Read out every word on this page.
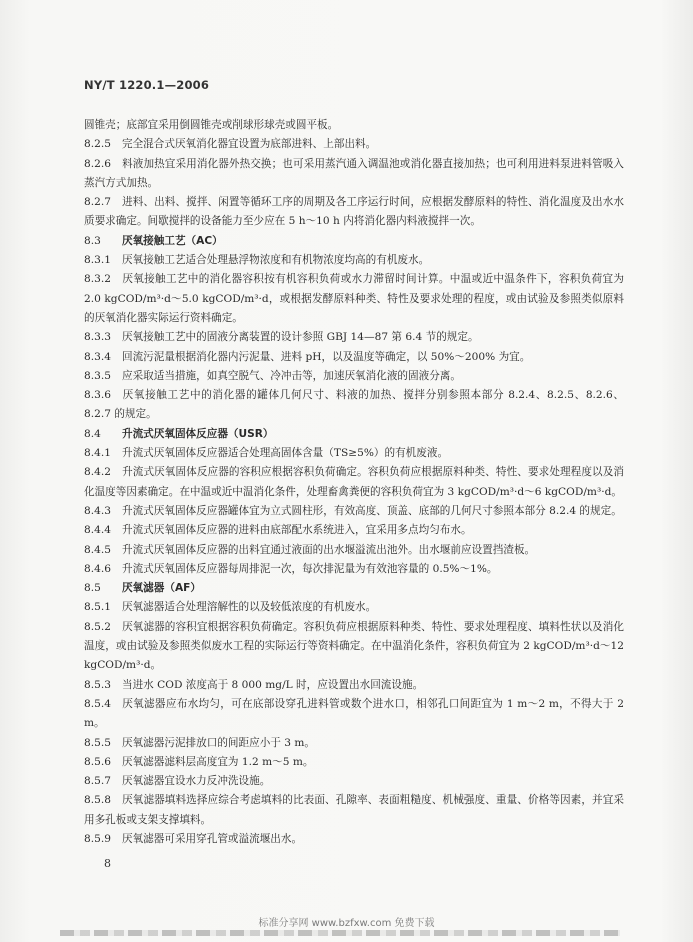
NY/T 1220.1—2006

圆锥壳；底部宜采用倒圆锥壳或削球形球壳或圆平板。

8.2.5 完全混合式厌氧消化器宜设置为底部进料、上部出料。

8.2.6 料液加热宜采用消化器外热交换；也可采用蒸汽通入调温池或消化器直接加热；也可利用进料泵进料管吸入蒸汽方式加热。

8.2.7 进料、出料、搅拌、闲置等循环工序的周期及各工序运行时间，应根据发酵原料的特性、消化温度及出水水质要求确定。间歇搅拌的设备能力至少应在 5 h～10 h 内将消化器内料液搅拌一次。

8.3 厌氧接触工艺（AC）

8.3.1 厌氧接触工艺适合处理悬浮物浓度和有机物浓度均高的有机废水。

8.3.2 厌氧接触工艺中的消化器容积按有机容积负荷或水力滞留时间计算。中温或近中温条件下，容积负荷宜为 2.0 kgCOD/m³·d～5.0 kgCOD/m³·d，或根据发酵原料种类、特性及要求处理的程度，或由试验及参照类似原料的厌氧消化器实际运行资料确定。

8.3.3 厌氧接触工艺中的固液分离装置的设计参照 GBJ 14—87 第 6.4 节的规定。

8.3.4 回流污泥量根据消化器内污泥量、进料 pH，以及温度等确定，以 50%～200% 为宜。

8.3.5 应采取适当措施，如真空脱气、冷冲击等，加速厌氧消化液的固液分离。

8.3.6 厌氧接触工艺中的消化器的罐体几何尺寸、料液的加热、搅拌分别参照本部分 8.2.4、8.2.5、8.2.6、8.2.7 的规定。

8.4 升流式厌氧固体反应器（USR）

8.4.1 升流式厌氧固体反应器适合处理高固体含量（TS≥5%）的有机废液。

8.4.2 升流式厌氧固体反应器的容积应根据容积负荷确定。容积负荷应根据原料种类、特性、要求处理程度以及消化温度等因素确定。在中温或近中温消化条件，处理畜禽粪便的容积负荷宜为 3 kgCOD/m³·d～6 kgCOD/m³·d。

8.4.3 升流式厌氧固体反应器罐体宜为立式圆柱形，有效高度、顶盖、底部的几何尺寸参照本部分 8.2.4 的规定。

8.4.4 升流式厌氧固体反应器的进料由底部配水系统进入，宜采用多点均匀布水。

8.4.5 升流式厌氧固体反应器的出料宜通过液面的出水堰溢流出池外。出水堰前应设置挡渣板。

8.4.6 升流式厌氧固体反应器每周排泥一次，每次排泥量为有效池容量的 0.5%～1%。

8.5 厌氧滤器（AF）

8.5.1 厌氧滤器适合处理溶解性的以及较低浓度的有机废水。

8.5.2 厌氧滤器的容积宜根据容积负荷确定。容积负荷应根据原料种类、特性、要求处理程度、填料性状以及消化温度，或由试验及参照类似废水工程的实际运行等资料确定。在中温消化条件，容积负荷宜为 2 kgCOD/m³·d～12 kgCOD/m³·d。

8.5.3 当进水 COD 浓度高于 8 000 mg/L 时，应设置出水回流设施。

8.5.4 厌氧滤器应布水均匀，可在底部设穿孔进料管或数个进水口，相邻孔口间距宜为 1 m～2 m，不得大于 2 m。

8.5.5 厌氧滤器污泥排放口的间距应小于 3 m。

8.5.6 厌氧滤器滤料层高度宜为 1.2 m～5 m。

8.5.7 厌氧滤器宜设水力反冲洗设施。

8.5.8 厌氧滤器填料选择应综合考虑填料的比表面、孔隙率、表面粗糙度、机械强度、重量、价格等因素，并宜采用多孔板或支架支撑填料。

8.5.9 厌氧滤器可采用穿孔管或溢流堰出水。

8
标准分享网 www.bzfxw.com 免费下载
